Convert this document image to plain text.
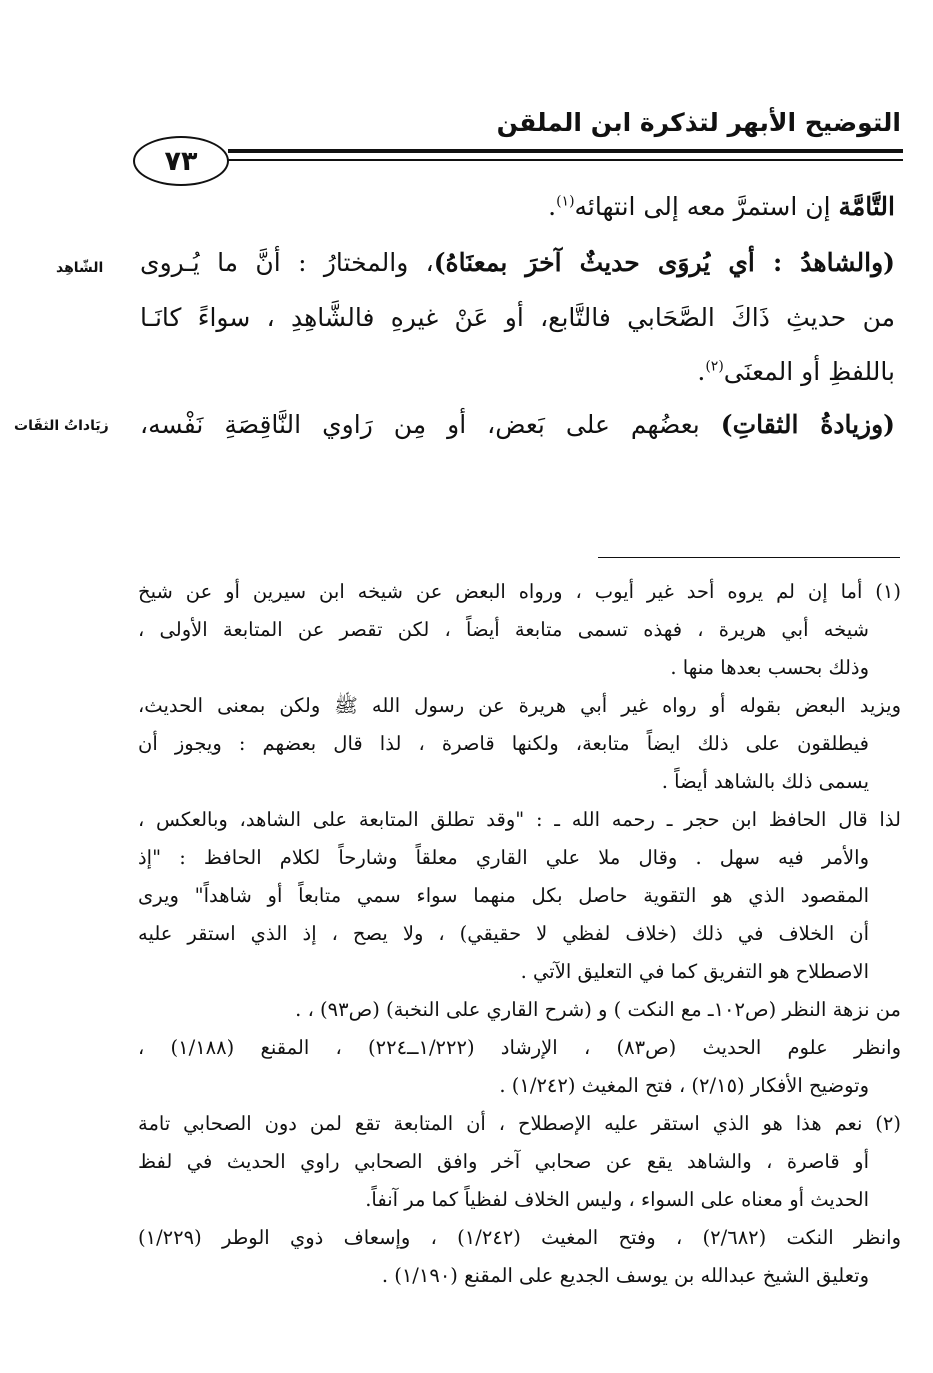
التوضيح الأبهر لتذكرة ابن الملقن
٧٣
التَّامَّة إن استمرَّ معه إلى انتهائه$^{(١)}$.
(والشاهدُ : أي يُروَى حديثٌ آخرَ بمعنَاهُ)، والمختارُ : أنَّ ما يُـروى
الشّاهِد
من حديثِ ذَاكَ الصَّحَابي فالتَّابع، أو عَنْ غيرهِ فالشَّاهِدِ ، سواءً كانَـا
باللفظِ أو المعنَى$^{(٢)}$.
(وزيادةُ الثقاتِ) بعضُهم على بَعض، أو مِن رَاوي النَّاقِصَةِ نَفْسه،
زيَاداتُ الثقَات
(١) أما إن لم يروه أحد غير أيوب ، ورواه البعض عن شيخه ابن سيرين أو عن شيخ
شيخه أبي هريرة ، فهذه تسمى متابعة أيضاً ، لكن تقصر عن المتابعة الأولى ،
وذلك بحسب بعدها منها .
ويزيد البعض بقوله أو رواه غير أبي هريرة عن رسول الله ﷺ ولكن بمعنى الحديث،
فيطلقون على ذلك ايضاً متابعة، ولكنها قاصرة ، لذا قال بعضهم : ويجوز أن
يسمى ذلك بالشاهد أيضاً .
لذا قال الحافظ ابن حجر ـ رحمه الله ـ : "وقد تطلق المتابعة على الشاهد، وبالعكس ،
والأمر فيه سهل . وقال ملا علي القاري معلقاً وشارحاً لكلام الحافظ : "إذ
المقصود الذي هو التقوية حاصل بكل منهما سواء سمي متابعاً أو شاهداً" ويرى
أن الخلاف في ذلك (خلاف لفظي لا حقيقي) ، ولا يصح ، إذ الذي استقر عليه
الاصطلاح هو التفريق كما في التعليق الآتي .
من نزهة النظر (ص١٠٢ـ مع النكت ) و (شرح القاري على النخبة) (ص٩٣) ، .
وانظر علوم الحديث (ص٨٣) ، الإرشاد (١/٢٢٢ــ٢٢٤) ، المقنع (١/١٨٨) ،
وتوضيح الأفكار (٢/١٥) ، فتح المغيث (١/٢٤٢) .
(٢) نعم هذا هو الذي استقر عليه الإصطلاح ، أن المتابعة تقع لمن دون الصحابي تامة
أو قاصرة ، والشاهد يقع عن صحابي آخر وافق الصحابي راوي الحديث في لفظ
الحديث أو معناه على السواء ، وليس الخلاف لفظياً كما مر آنفاً.
وانظر النكت (٢/٦٨٢) ، وفتح المغيث (١/٢٤٢) ، وإسعاف ذوي الوطر (١/٢٢٩)
وتعليق الشيخ عبدالله بن يوسف الجديع على المقنع (١/١٩٠) .
